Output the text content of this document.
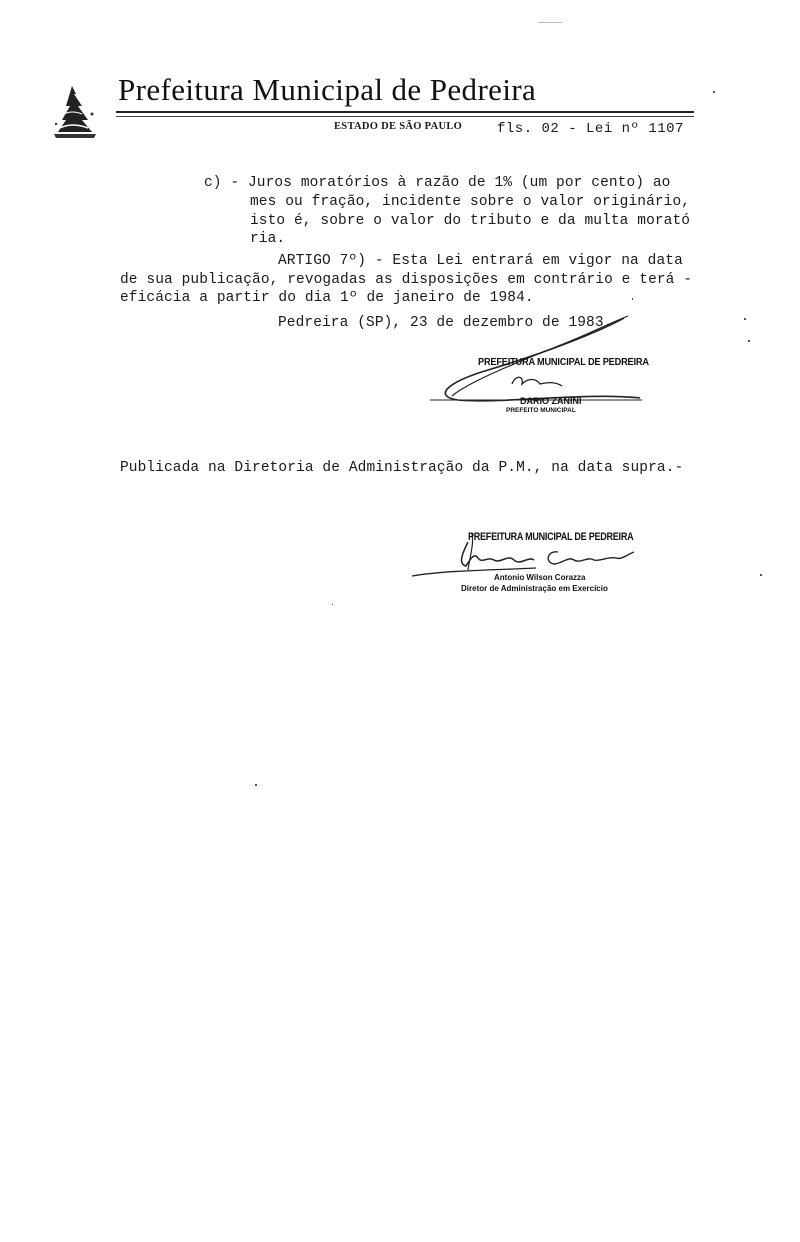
Prefeitura Municipal de Pedreira
ESTADO DE SÃO PAULO fls. 02 - Lei nº 1107
c) - Juros moratórios à razão de 1% (um por cento) ao
mes ou fração, incidente sobre o valor originário,
isto é, sobre o valor do tributo e da multa morató
ria.
ARTIGO 7º) - Esta Lei entrará em vigor na data
de sua publicação, revogadas as disposições em contrário e terá -
eficácia a partir do dia 1º de janeiro de 1984.
Pedreira (SP), 23 de dezembro de 1983.
PREFEITURA MUNICIPAL DE PEDREIRA
DARIO ZANINI
PREFEITO MUNICIPAL
Publicada na Diretoria de Administração da P.M., na data supra.-
PREFEITURA MUNICIPAL DE PEDREIRA
Antonio Wilson Corazza
Diretor de Administração em Exercício
